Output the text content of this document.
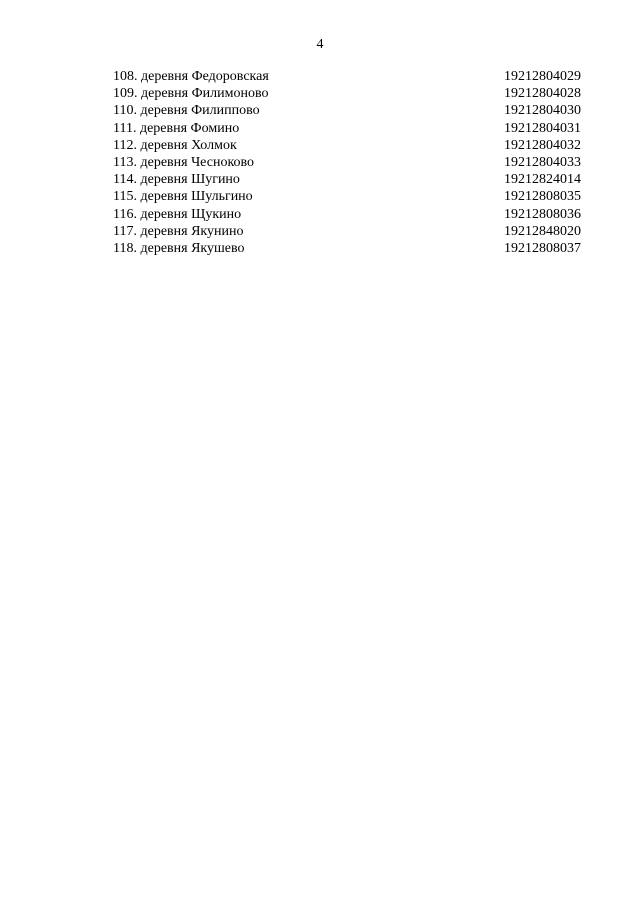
4
108. деревня Федоровская	19212804029
109. деревня Филимоново	19212804028
110. деревня Филиппово	19212804030
111. деревня Фомино	19212804031
112. деревня Холмок	19212804032
113. деревня Чесноково	19212804033
114. деревня Шугино	19212824014
115. деревня Шульгино	19212808035
116. деревня Щукино	19212808036
117. деревня Якунино	19212848020
118. деревня Якушево	19212808037
